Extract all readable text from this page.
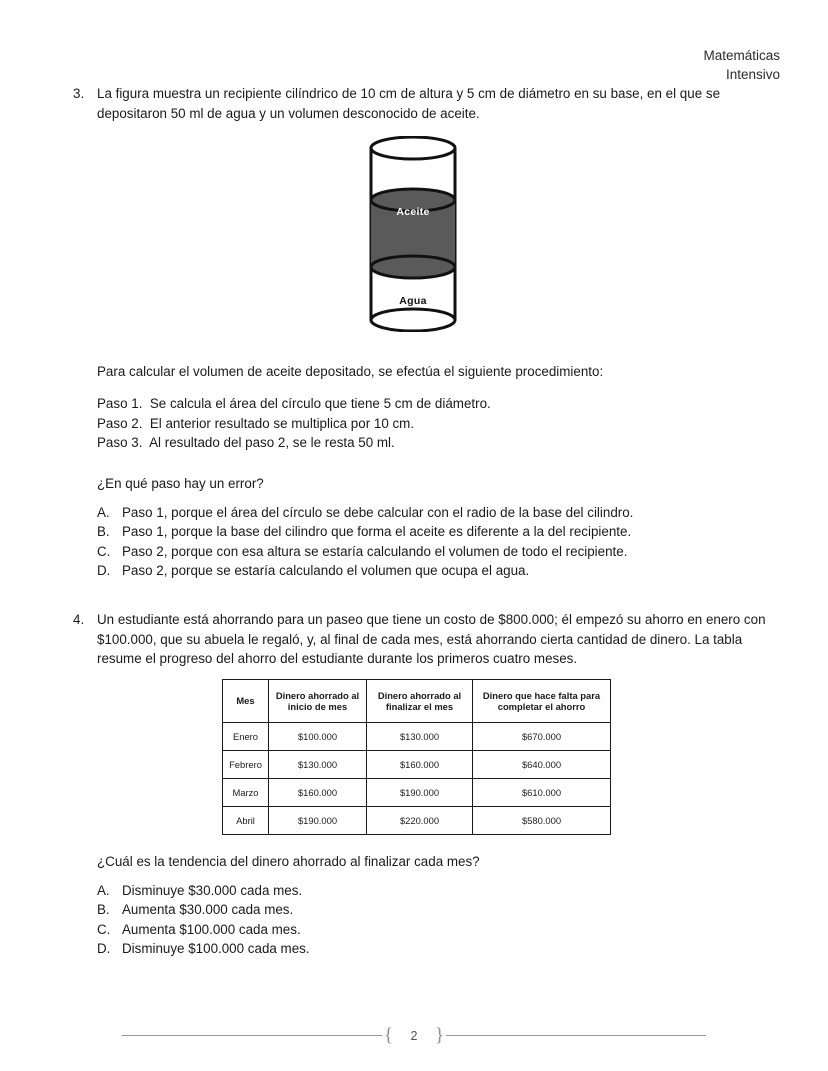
Matemáticas
Intensivo
3. La figura muestra un recipiente cilíndrico de 10 cm de altura y 5 cm de diámetro en su base, en el que se depositaron 50 ml de agua y un volumen desconocido de aceite.
Aceite
Agua
Para calcular el volumen de aceite depositado, se efectúa el siguiente procedimiento:
Paso 1.  Se calcula el área del círculo que tiene 5 cm de diámetro.
Paso 2.  El anterior resultado se multiplica por 10 cm.
Paso 3.  Al resultado del paso 2, se le resta 50 ml.
¿En qué paso hay un error?
A. Paso 1, porque el área del círculo se debe calcular con el radio de la base del cilindro.
B. Paso 1, porque la base del cilindro que forma el aceite es diferente a la del recipiente.
C. Paso 2, porque con esa altura se estaría calculando el volumen de todo el recipiente.
D. Paso 2, porque se estaría calculando el volumen que ocupa el agua.
4. Un estudiante está ahorrando para un paseo que tiene un costo de $800.000; él empezó su ahorro en enero con $100.000, que su abuela le regaló, y, al final de cada mes, está ahorrando cierta cantidad de dinero. La tabla resume el progreso del ahorro del estudiante durante los primeros cuatro meses.
Mes	Dinero ahorrado al inicio de mes	Dinero ahorrado al finalizar el mes	Dinero que hace falta para completar el ahorro
Enero	$100.000	$130.000	$670.000
Febrero	$130.000	$160.000	$640.000
Marzo	$160.000	$190.000	$610.000
Abril	$190.000	$220.000	$580.000
¿Cuál es la tendencia del dinero ahorrado al finalizar cada mes?
A. Disminuye $30.000 cada mes.
B. Aumenta $30.000 cada mes.
C. Aumenta $100.000 cada mes.
D. Disminuye $100.000 cada mes.
{	2 }
